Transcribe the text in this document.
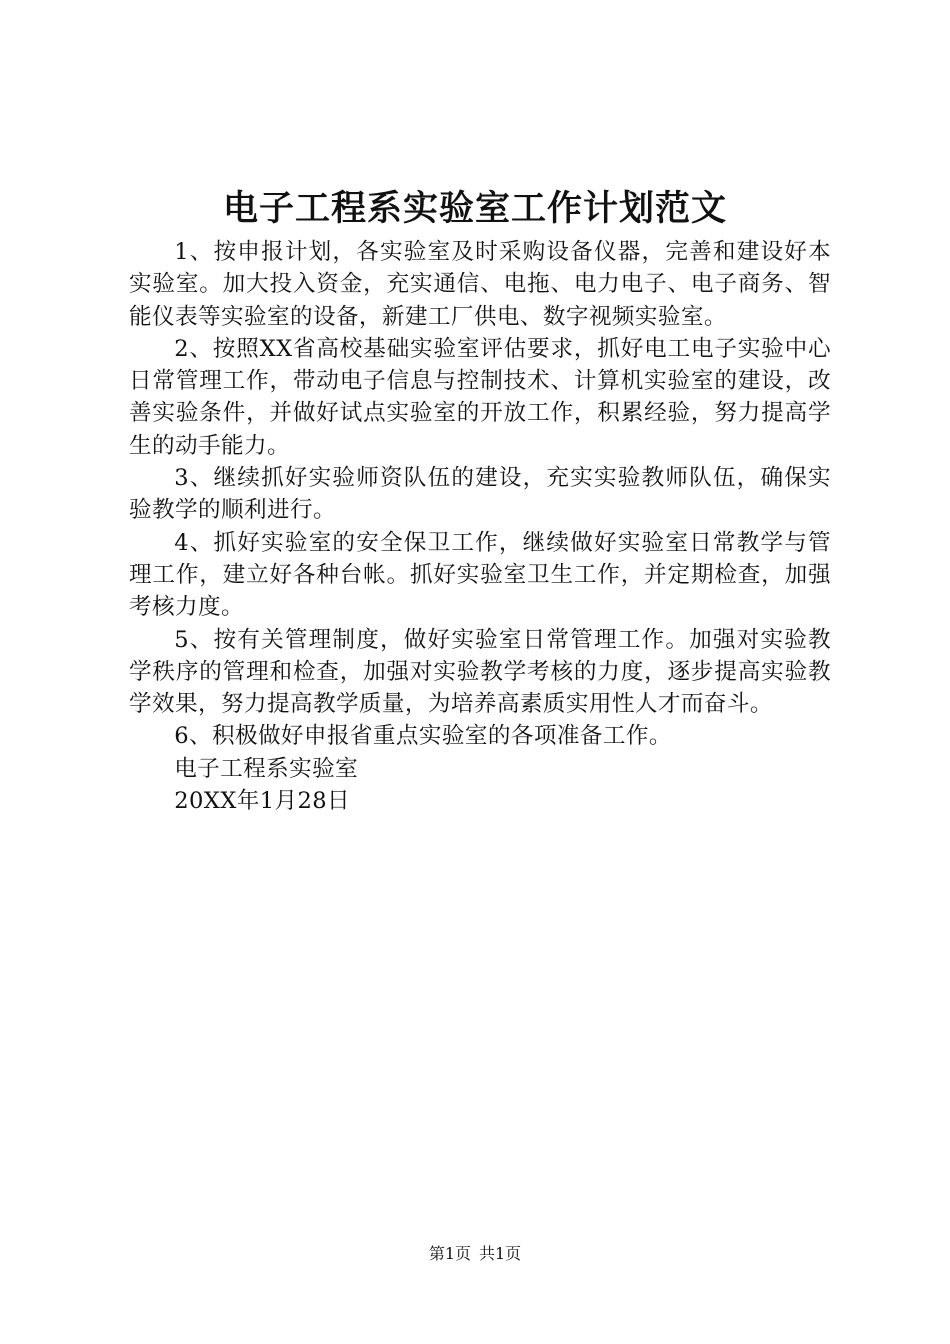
电子工程系实验室工作计划范文

1、按申报计划，各实验室及时采购设备仪器，完善和建设好本实验室。加大投入资金，充实通信、电拖、电力电子、电子商务、智能仪表等实验室的设备，新建工厂供电、数字视频实验室。

2、按照XX省高校基础实验室评估要求，抓好电工电子实验中心日常管理工作，带动电子信息与控制技术、计算机实验室的建设，改善实验条件，并做好试点实验室的开放工作，积累经验，努力提高学生的动手能力。

3、继续抓好实验师资队伍的建设，充实实验教师队伍，确保实验教学的顺利进行。

4、抓好实验室的安全保卫工作，继续做好实验室日常教学与管理工作，建立好各种台帐。抓好实验室卫生工作，并定期检查，加强考核力度。

5、按有关管理制度，做好实验室日常管理工作。加强对实验教学秩序的管理和检查，加强对实验教学考核的力度，逐步提高实验教学效果，努力提高教学质量，为培养高素质实用性人才而奋斗。

6、积极做好申报省重点实验室的各项准备工作。

电子工程系实验室

20XX年1月28日

第1页 共1页
